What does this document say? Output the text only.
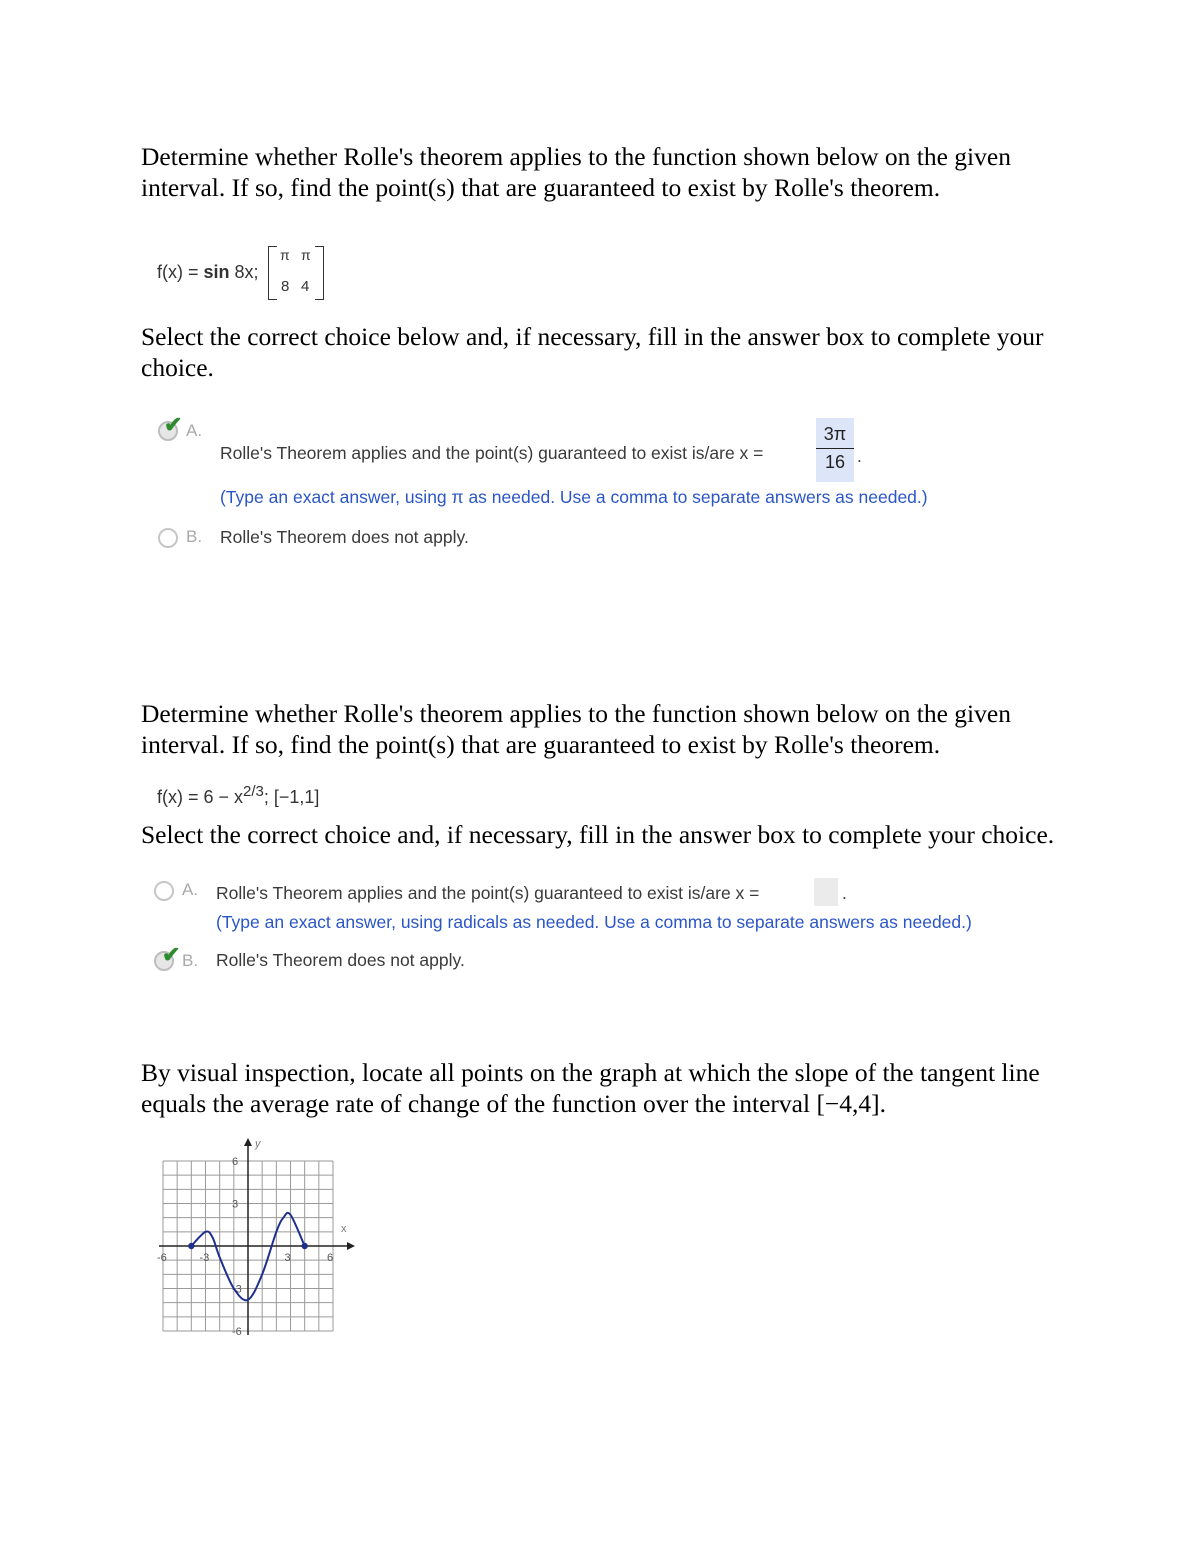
Determine whether Rolle's theorem applies to the function shown below on the given interval. If so, find the point(s) that are guaranteed to exist by Rolle's theorem.
f(x) = sin 8x;
π π
8 4
Select the correct choice below and, if necessary, fill in the answer box to complete your choice.
✔ A.
Rolle's Theorem applies and the point(s) guaranteed to exist is/are x =
3π
16 .
(Type an exact answer, using π as needed. Use a comma to separate answers as needed.)
B. Rolle's Theorem does not apply.
Determine whether Rolle's theorem applies to the function shown below on the given interval. If so, find the point(s) that are guaranteed to exist by Rolle's theorem.
$f(x) = 6 - x^{2/3}$; [−1,1]
Select the correct choice and, if necessary, fill in the answer box to complete your choice.
A. Rolle's Theorem applies and the point(s) guaranteed to exist is/are x =	.
(Type an exact answer, using radicals as needed. Use a comma to separate answers as needed.)
✔ B. Rolle's Theorem does not apply.
By visual inspection, locate all points on the graph at which the slope of the tangent line equals the average rate of change of the function over the interval [−4,4].
x
y
6
3
-3
-6
-6	-3	3	6
